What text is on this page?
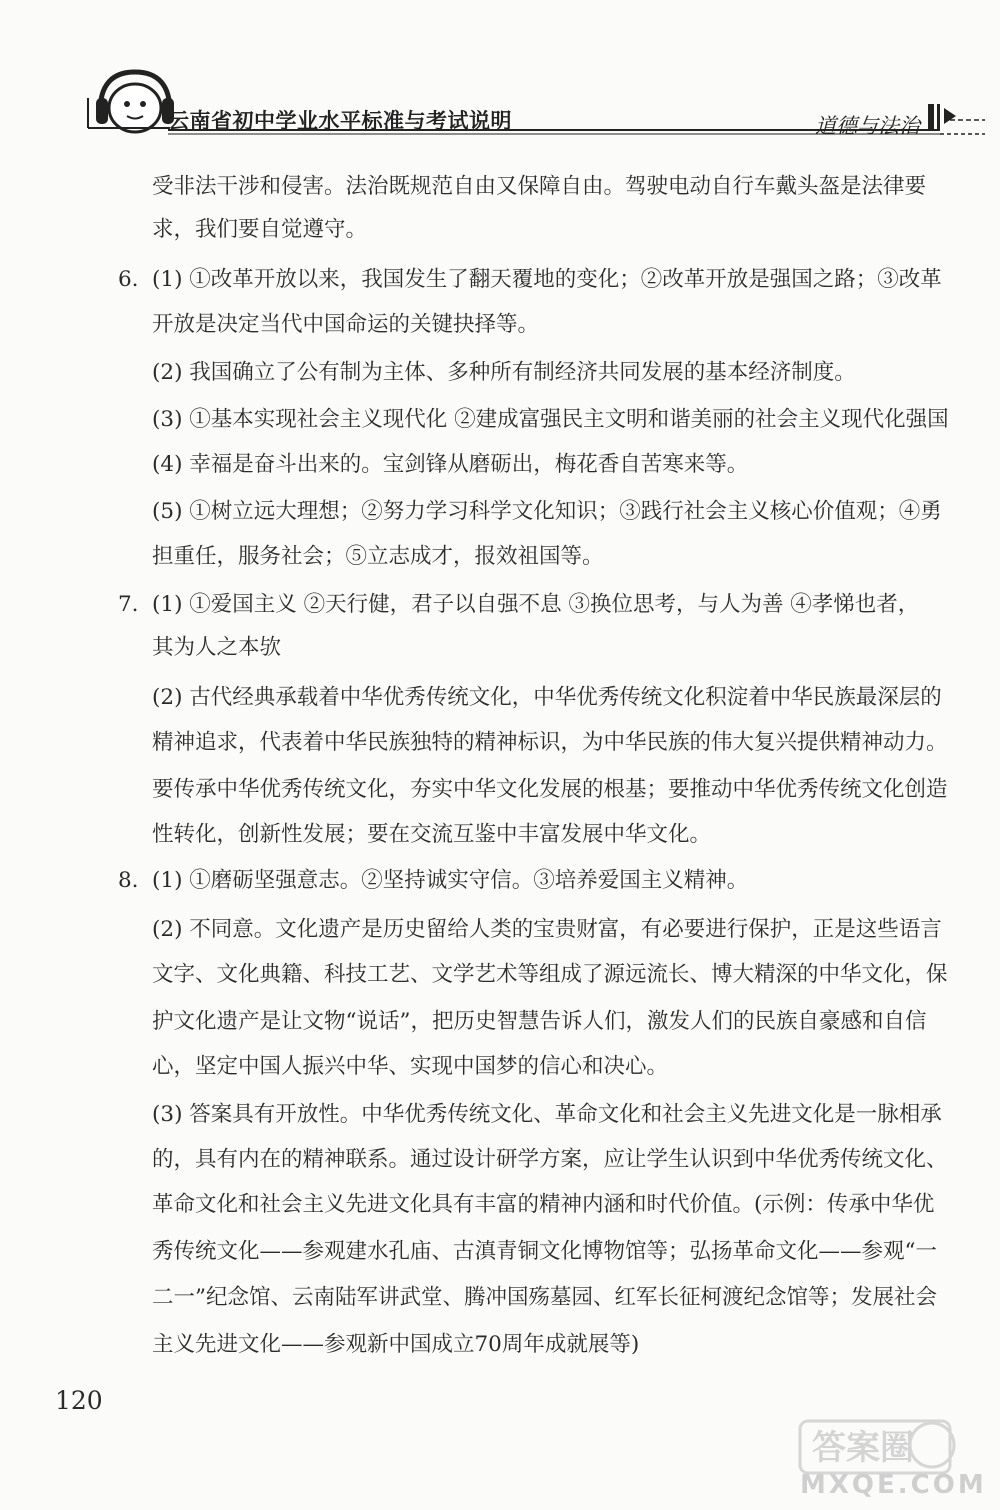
云南省初中学业水平标准与考试说明	道德与法治
受非法干涉和侵害。法治既规范自由又保障自由。驾驶电动自行车戴头盔是法律要
求，我们要自觉遵守。
6. (1) ①改革开放以来，我国发生了翻天覆地的变化；②改革开放是强国之路；③改革
开放是决定当代中国命运的关键抉择等。
(2) 我国确立了公有制为主体、多种所有制经济共同发展的基本经济制度。
(3) ①基本实现社会主义现代化 ②建成富强民主文明和谐美丽的社会主义现代化强国
(4) 幸福是奋斗出来的。宝剑锋从磨砺出，梅花香自苦寒来等。
(5) ①树立远大理想；②努力学习科学文化知识；③践行社会主义核心价值观；④勇
担重任，服务社会；⑤立志成才，报效祖国等。
7. (1) ①爱国主义 ②天行健，君子以自强不息 ③换位思考，与人为善 ④孝悌也者，
其为人之本欤
(2) 古代经典承载着中华优秀传统文化，中华优秀传统文化积淀着中华民族最深层的
精神追求，代表着中华民族独特的精神标识，为中华民族的伟大复兴提供精神动力。
要传承中华优秀传统文化，夯实中华文化发展的根基；要推动中华优秀传统文化创造
性转化，创新性发展；要在交流互鉴中丰富发展中华文化。
8. (1) ①磨砺坚强意志。②坚持诚实守信。③培养爱国主义精神。
(2) 不同意。文化遗产是历史留给人类的宝贵财富，有必要进行保护，正是这些语言
文字、文化典籍、科技工艺、文学艺术等组成了源远流长、博大精深的中华文化，保
护文化遗产是让文物“说话”，把历史智慧告诉人们，激发人们的民族自豪感和自信
心，坚定中国人振兴中华、实现中国梦的信心和决心。
(3) 答案具有开放性。中华优秀传统文化、革命文化和社会主义先进文化是一脉相承
的，具有内在的精神联系。通过设计研学方案，应让学生认识到中华优秀传统文化、
革命文化和社会主义先进文化具有丰富的精神内涵和时代价值。(示例：传承中华优
秀传统文化——参观建水孔庙、古滇青铜文化博物馆等；弘扬革命文化——参观“一
二一”纪念馆、云南陆军讲武堂、腾冲国殇墓园、红军长征柯渡纪念馆等；发展社会
主义先进文化——参观新中国成立70周年成就展等)
120
答案圈
MXQE.COM
